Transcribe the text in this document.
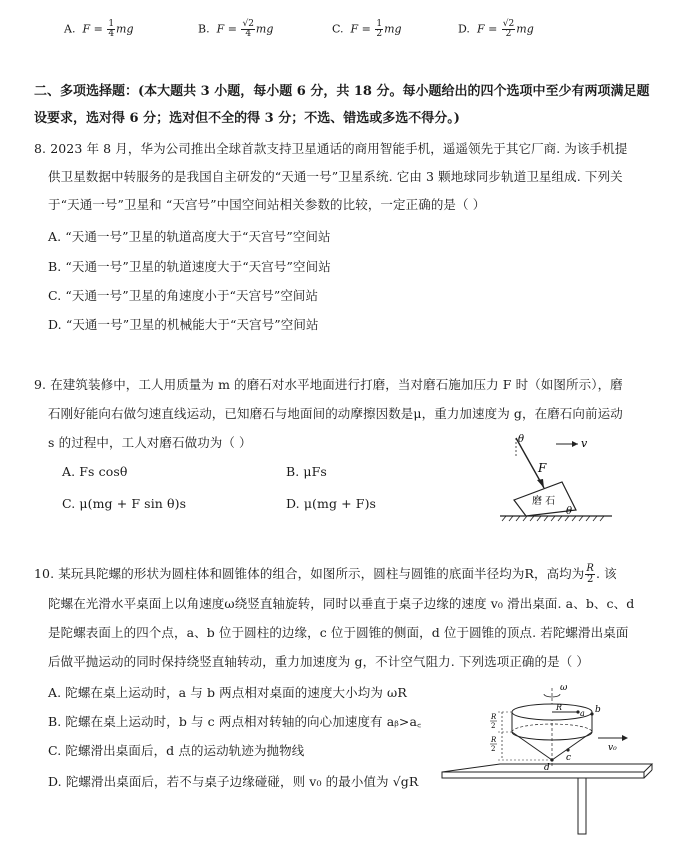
A. $F = \frac{1}{4}$ mg	B. $F = \frac{√2}{4}$ mg	C. $F = \frac{1}{2}$ mg	D. $F = \frac{√2}{2}$ mg
二、多项选择题：(本大题共 3 小题，每小题 6 分，共 18 分。每小题给出的四个选项中至少有两项满足题
设要求，选对得 6 分；选对但不全的得 3 分；不选、错选或多选不得分。)
8. 2023 年 8 月，华为公司推出全球首款支持卫星通话的商用智能手机，遥遥领先于其它厂商. 为该手机提
供卫星数据中转服务的是我国自主研发的“天通一号”卫星系统. 它由 3 颗地球同步轨道卫星组成. 下列关
于“天通一号”卫星和 “天宫号”中国空间站相关参数的比较，一定正确的是（ ）
A. “天通一号”卫星的轨道高度大于“天宫号”空间站
B. “天通一号”卫星的轨道速度大于“天宫号”空间站
C. “天通一号”卫星的角速度小于“天宫号”空间站
D. “天通一号”卫星的机械能大于“天宫号”空间站
9. 在建筑装修中，工人用质量为 m 的磨石对水平地面进行打磨，当对磨石施加压力 F 时（如图所示），磨
石刚好能向右做匀速直线运动，已知磨石与地面间的动摩擦因数是μ，重力加速度为 g，在磨石向前运动
s 的过程中，工人对磨石做功为（ ）
A. Fs cosθ	B. μFs
C. μ(mg + F sin θ)s	D. μ(mg + F)s
θ	v
F
磨 石
θ
10. 某玩具陀螺的形状为圆柱体和圆锥体的组合，如图所示，圆柱与圆锥的底面半径均为R，高均为 $\frac{R}{2}$ . 该
陀螺在光滑水平桌面上以角速度ω绕竖直轴旋转，同时以垂直于桌子边缘的速度 v₀ 滑出桌面. a、b、c、d
是陀螺表面上的四个点，a、b 位于圆柱的边缘，c 位于圆锥的侧面，d 位于圆锥的顶点. 若陀螺滑出桌面
后做平抛运动的同时保持绕竖直轴转动，重力加速度为 g，不计空气阻力. 下列选项正确的是（ ）
A. 陀螺在桌上运动时，a 与 b 两点相对桌面的速度大小均为 ωR
B. 陀螺在桌上运动时，b 与 c 两点相对转轴的向心加速度有 aᵦ>a꜀
C. 陀螺滑出桌面后，d 点的运动轨迹为抛物线
D. 陀螺滑出桌面后，若不与桌子边缘碰碰，则 v₀ 的最小值为 √gR
ω
R
a b
c
d
R
2
R
2	v₀
